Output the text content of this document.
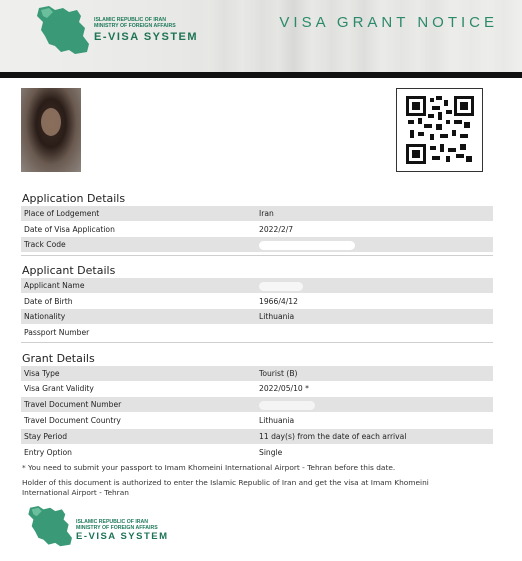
ISLAMIC REPUBLIC OF IRAN
MINISTRY OF FOREIGN AFFAIRS
E-VISA SYSTEM
VISA GRANT NOTICE
Application Details
Place of Lodgement	Iran
Date of Visa Application	2022/2/7
Track Code
Applicant Details
Applicant Name
Date of Birth	1966/4/12
Nationality	Lithuania
Passport Number
Grant Details
Visa Type	Tourist (B)
Visa Grant Validity	2022/05/10 *
Travel Document Number
Travel Document Country	Lithuania
Stay Period	11 day(s) from the date of each arrival
Entry Option	Single
* You need to submit your passport to Imam Khomeini International Airport - Tehran before this date.
Holder of this document is authorized to enter the Islamic Republic of Iran and get the visa at Imam Khomeini International Airport - Tehran
ISLAMIC REPUBLIC OF IRAN
MINISTRY OF FOREIGN AFFAIRS
E-VISA SYSTEM
